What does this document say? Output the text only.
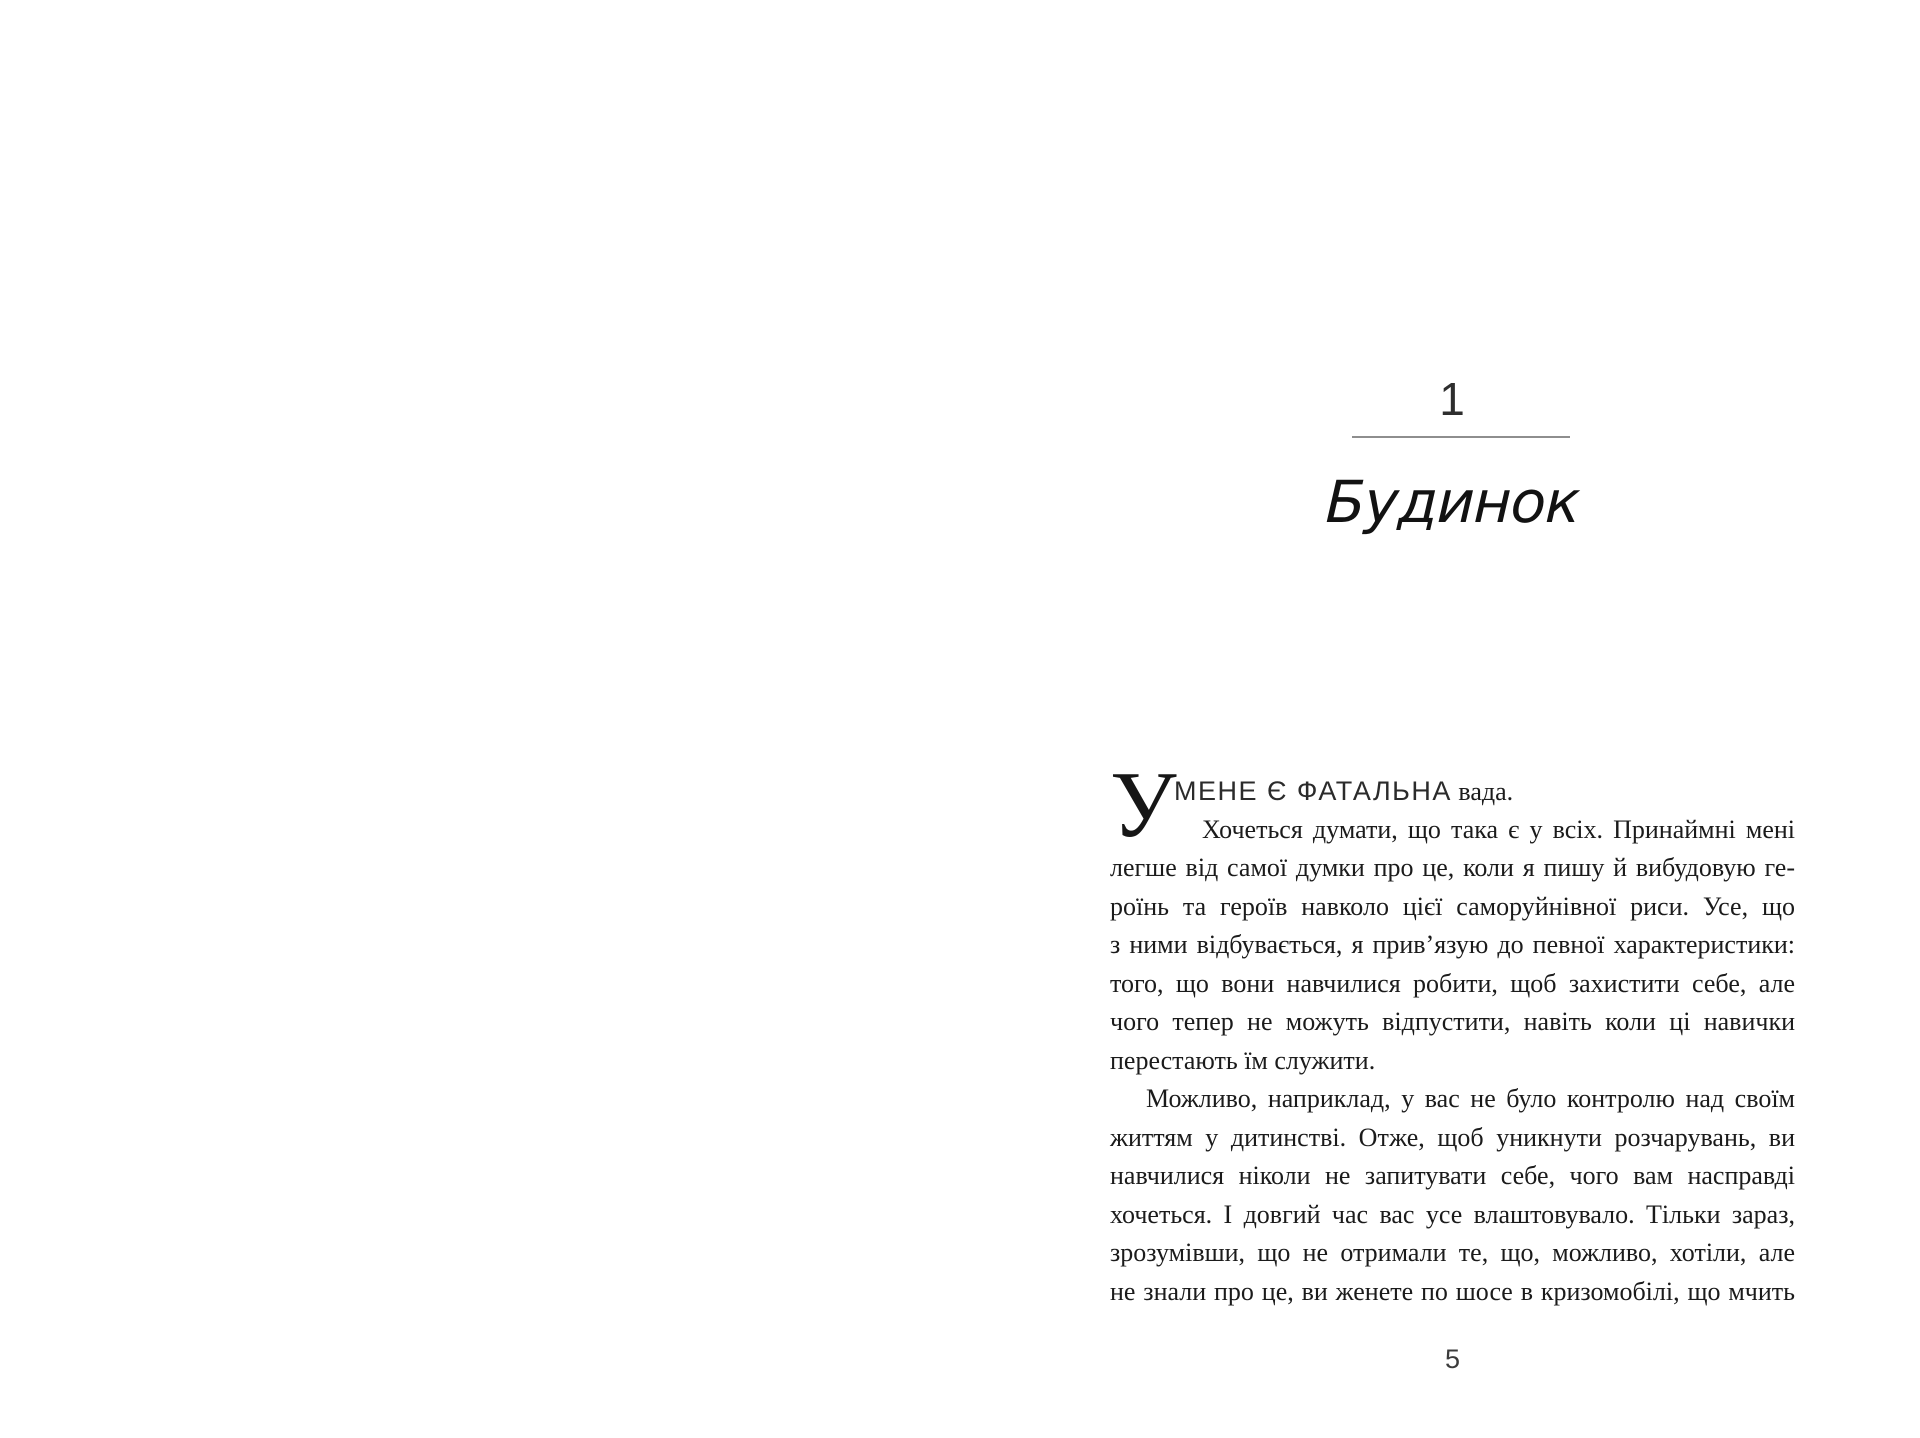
1
Будинок
У
МЕНЕ Є ФАТАЛЬНА вада.
Хочеться думати, що така є у всіх. Принаймні мені
легше від самої думки про це, коли я пишу й вибудовую ге-
роїнь та героїв навколо цієї саморуйнівної риси. Усе, що
з ними відбувається, я прив’язую до певної характеристики:
того, що вони навчилися робити, щоб захистити себе, але
чого тепер не можуть відпустити, навіть коли ці навички
перестають їм служити.
Можливо, наприклад, у вас не було контролю над своїм
життям у дитинстві. Отже, щоб уникнути розчарувань, ви
навчилися ніколи не запитувати себе, чого вам насправді
хочеться. І довгий час вас усе влаштовувало. Тільки зараз,
зрозумівши, що не отримали те, що, можливо, хотіли, але
не знали про це, ви женете по шосе в кризомобілі, що мчить
5
